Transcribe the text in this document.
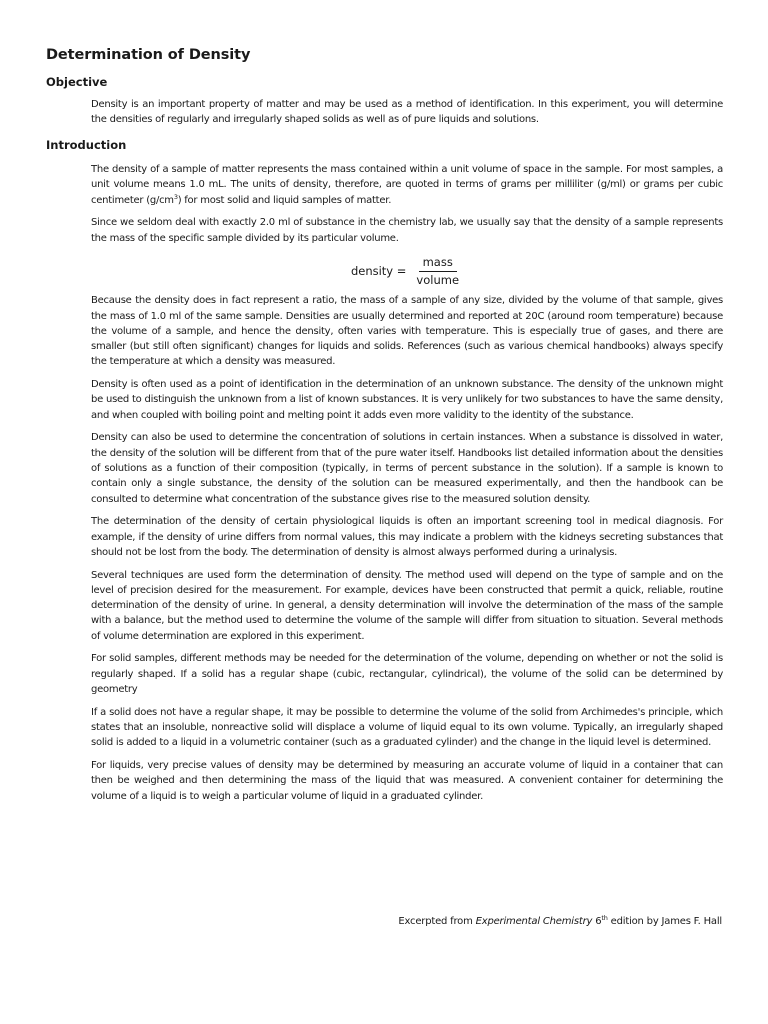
Determination of Density
Objective

Density is an important property of matter and may be used as a method of identification. In this experiment, you will determine the densities of regularly and irregularly shaped solids as well as of pure liquids and solutions.

Introduction

The density of a sample of matter represents the mass contained within a unit volume of space in the sample. For most samples, a unit volume means 1.0 mL. The units of density, therefore, are quoted in terms of grams per milliliter (g/ml) or grams per cubic centimeter $(g/cm^3)$ for most solid and liquid samples of matter.

Since we seldom deal with exactly 2.0 ml of substance in the chemistry lab, we usually say that the density of a sample represents the mass of the specific sample divided by its particular volume.

density = $\frac{\text{mass}}{\text{volume}}$

Because the density does in fact represent a ratio, the mass of a sample of any size, divided by the volume of that sample, gives the mass of 1.0 ml of the same sample. Densities are usually determined and reported at 20C (around room temperature) because the volume of a sample, and hence the density, often varies with temperature. This is especially true of gases, and there are smaller (but still often significant) changes for liquids and solids. References (such as various chemical handbooks) always specify the temperature at which a density was measured.

Density is often used as a point of identification in the determination of an unknown substance. The density of the unknown might be used to distinguish the unknown from a list of known substances. It is very unlikely for two substances to have the same density, and when coupled with boiling point and melting point it adds even more validity to the identity of the substance.

Density can also be used to determine the concentration of solutions in certain instances. When a substance is dissolved in water, the density of the solution will be different from that of the pure water itself. Handbooks list detailed information about the densities of solutions as a function of their composition (typically, in terms of percent substance in the solution). If a sample is known to contain only a single substance, the density of the solution can be measured experimentally, and then the handbook can be consulted to determine what concentration of the substance gives rise to the measured solution density.

The determination of the density of certain physiological liquids is often an important screening tool in medical diagnosis. For example, if the density of urine differs from normal values, this may indicate a problem with the kidneys secreting substances that should not be lost from the body. The determination of density is almost always performed during a urinalysis.

Several techniques are used form the determination of density. The method used will depend on the type of sample and on the level of precision desired for the measurement. For example, devices have been constructed that permit a quick, reliable, routine determination of the density of urine. In general, a density determination will involve the determination of the mass of the sample with a balance, but the method used to determine the volume of the sample will differ from situation to situation. Several methods of volume determination are explored in this experiment.

For solid samples, different methods may be needed for the determination of the volume, depending on whether or not the solid is regularly shaped. If a solid has a regular shape (cubic, rectangular, cylindrical), the volume of the solid can be determined by geometry

If a solid does not have a regular shape, it may be possible to determine the volume of the solid from Archimedes's principle, which states that an insoluble, nonreactive solid will displace a volume of liquid equal to its own volume. Typically, an irregularly shaped solid is added to a liquid in a volumetric container (such as a graduated cylinder) and the change in the liquid level is determined.

For liquids, very precise values of density may be determined by measuring an accurate volume of liquid in a container that can then be weighed and then determining the mass of the liquid that was measured. A convenient container for determining the volume of a liquid is to weigh a particular volume of liquid in a graduated cylinder.

Excerpted from Experimental Chemistry 6th edition by James F. Hall
